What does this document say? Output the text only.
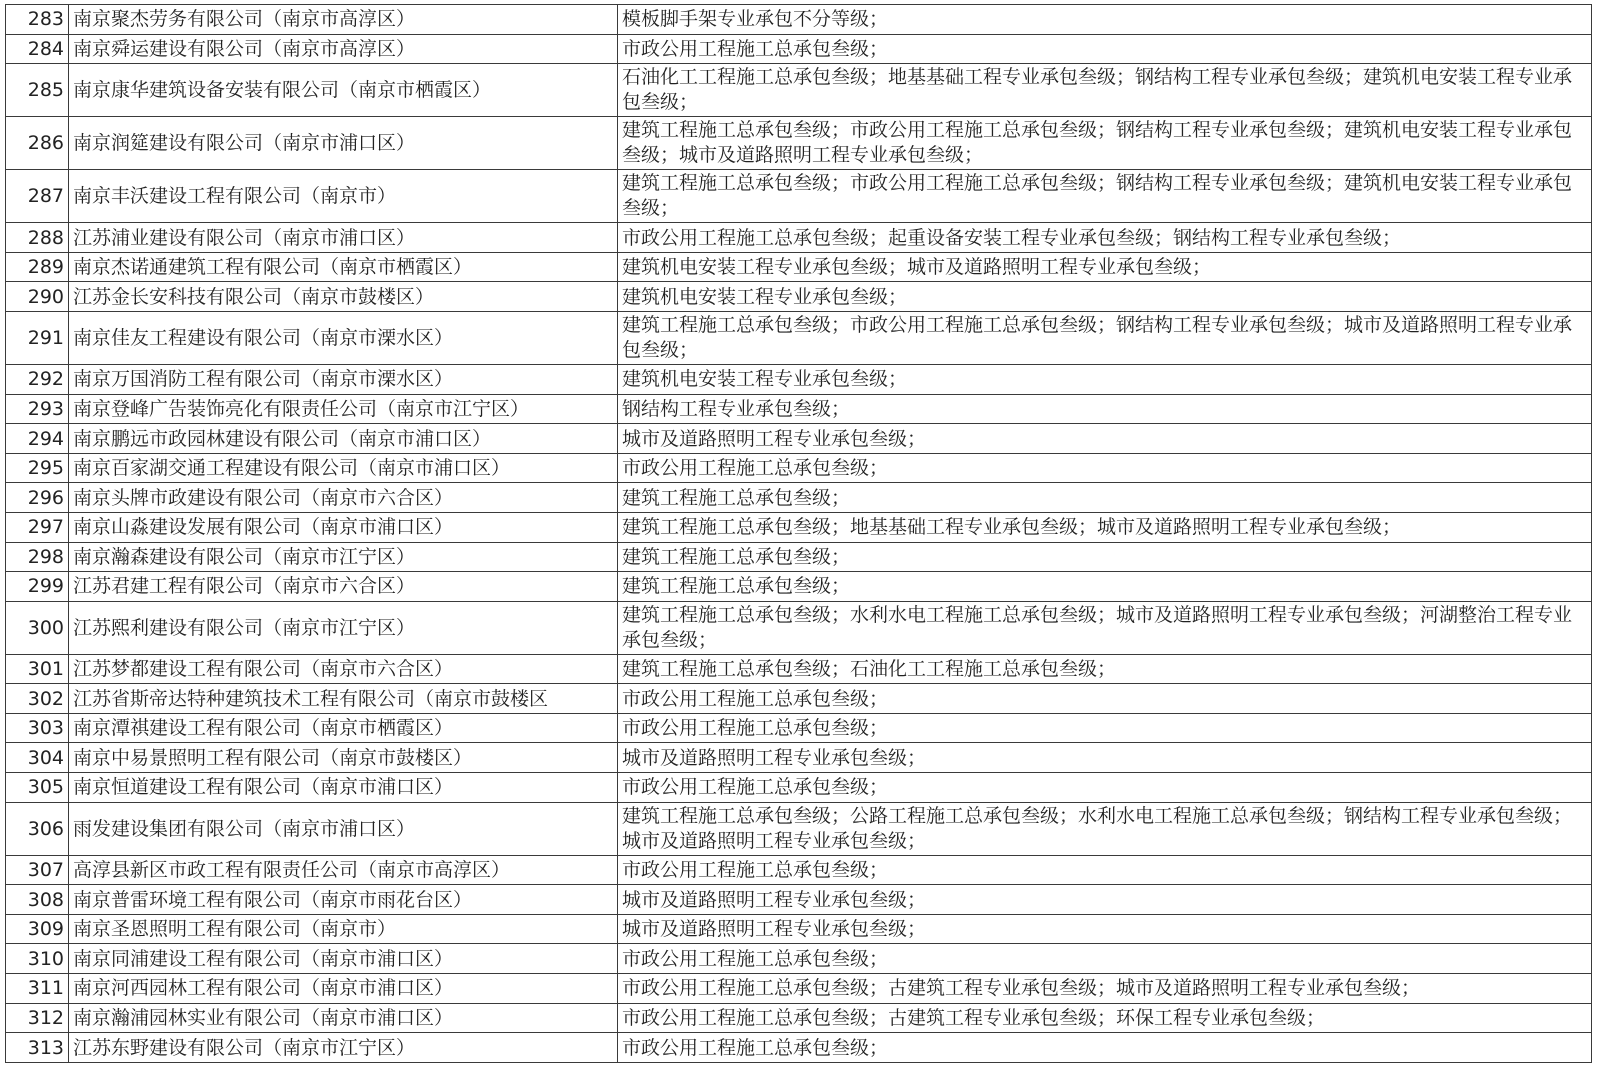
283	南京聚杰劳务有限公司（南京市高淳区）	模板脚手架专业承包不分等级；
284	南京舜运建设有限公司（南京市高淳区）	市政公用工程施工总承包叁级；
285	南京康华建筑设备安装有限公司（南京市栖霞区）	石油化工工程施工总承包叁级；地基基础工程专业承包叁级；钢结构工程专业承包叁级；建筑机电安装工程专业承包叁级；
286	南京润筵建设有限公司（南京市浦口区）	建筑工程施工总承包叁级；市政公用工程施工总承包叁级；钢结构工程专业承包叁级；建筑机电安装工程专业承包叁级；城市及道路照明工程专业承包叁级；
287	南京丰沃建设工程有限公司（南京市）	建筑工程施工总承包叁级；市政公用工程施工总承包叁级；钢结构工程专业承包叁级；建筑机电安装工程专业承包叁级；
288	江苏浦业建设有限公司（南京市浦口区）	市政公用工程施工总承包叁级；起重设备安装工程专业承包叁级；钢结构工程专业承包叁级；
289	南京杰诺通建筑工程有限公司（南京市栖霞区）	建筑机电安装工程专业承包叁级；城市及道路照明工程专业承包叁级；
290	江苏金长安科技有限公司（南京市鼓楼区）	建筑机电安装工程专业承包叁级；
291	南京佳友工程建设有限公司（南京市溧水区）	建筑工程施工总承包叁级；市政公用工程施工总承包叁级；钢结构工程专业承包叁级；城市及道路照明工程专业承包叁级；
292	南京万国消防工程有限公司（南京市溧水区）	建筑机电安装工程专业承包叁级；
293	南京登峰广告装饰亮化有限责任公司（南京市江宁区）	钢结构工程专业承包叁级；
294	南京鹏远市政园林建设有限公司（南京市浦口区）	城市及道路照明工程专业承包叁级；
295	南京百家湖交通工程建设有限公司（南京市浦口区）	市政公用工程施工总承包叁级；
296	南京头牌市政建设有限公司（南京市六合区）	建筑工程施工总承包叁级；
297	南京山淼建设发展有限公司（南京市浦口区）	建筑工程施工总承包叁级；地基基础工程专业承包叁级；城市及道路照明工程专业承包叁级；
298	南京瀚森建设有限公司（南京市江宁区）	建筑工程施工总承包叁级；
299	江苏君建工程有限公司（南京市六合区）	建筑工程施工总承包叁级；
300	江苏熙利建设有限公司（南京市江宁区）	建筑工程施工总承包叁级；水利水电工程施工总承包叁级；城市及道路照明工程专业承包叁级；河湖整治工程专业承包叁级；
301	江苏梦都建设工程有限公司（南京市六合区）	建筑工程施工总承包叁级；石油化工工程施工总承包叁级；
302	江苏省斯帝达特种建筑技术工程有限公司（南京市鼓楼区	市政公用工程施工总承包叁级；
303	南京潭祺建设工程有限公司（南京市栖霞区）	市政公用工程施工总承包叁级；
304	南京中易景照明工程有限公司（南京市鼓楼区）	城市及道路照明工程专业承包叁级；
305	南京恒道建设工程有限公司（南京市浦口区）	市政公用工程施工总承包叁级；
306	雨发建设集团有限公司（南京市浦口区）	建筑工程施工总承包叁级；公路工程施工总承包叁级；水利水电工程施工总承包叁级；钢结构工程专业承包叁级；城市及道路照明工程专业承包叁级；
307	高淳县新区市政工程有限责任公司（南京市高淳区）	市政公用工程施工总承包叁级；
308	南京普雷环境工程有限公司（南京市雨花台区）	城市及道路照明工程专业承包叁级；
309	南京圣恩照明工程有限公司（南京市）	城市及道路照明工程专业承包叁级；
310	南京同浦建设工程有限公司（南京市浦口区）	市政公用工程施工总承包叁级；
311	南京河西园林工程有限公司（南京市浦口区）	市政公用工程施工总承包叁级；古建筑工程专业承包叁级；城市及道路照明工程专业承包叁级；
312	南京瀚浦园林实业有限公司（南京市浦口区）	市政公用工程施工总承包叁级；古建筑工程专业承包叁级；环保工程专业承包叁级；
313	江苏东野建设有限公司（南京市江宁区）	市政公用工程施工总承包叁级；
